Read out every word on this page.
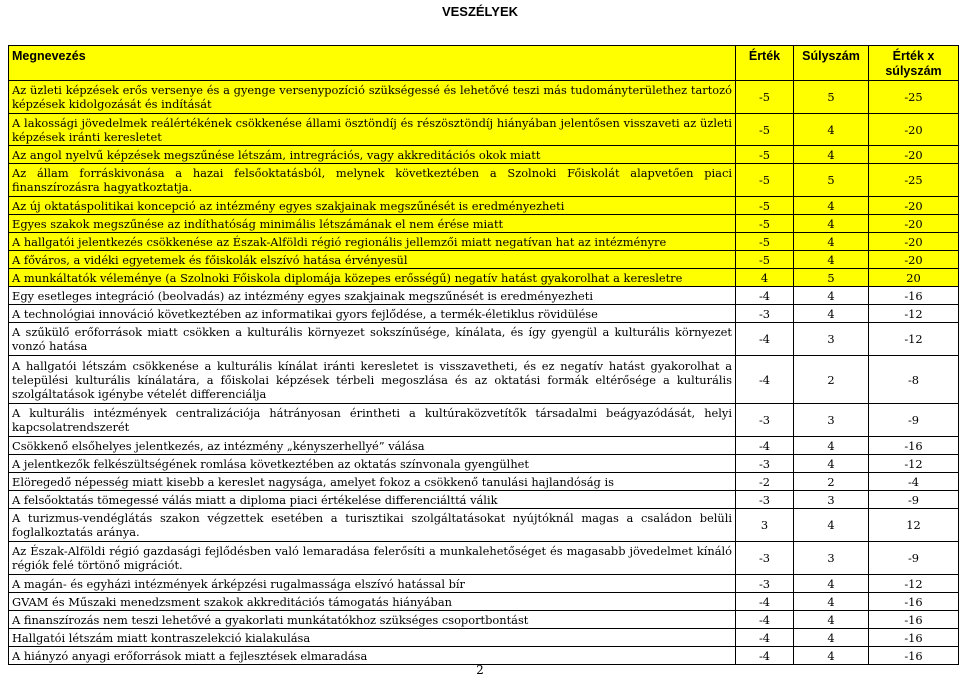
VESZÉLYEK
Megnevezés	Érték	Súlyszám	Érték x súlyszám
Az üzleti képzések erős versenye és a gyenge versenypozíció szükségessé és lehetővé teszi más tudományterülethez tartozó képzések kidolgozását és indítását	-5	5	-25
A lakossági jövedelmek reálértékének csökkenése állami ösztöndíj és részösztöndíj hiányában jelentősen visszaveti az üzleti képzések iránti keresletet	-5	4	-20
Az angol nyelvű képzések megszűnése létszám, intregrációs, vagy akkreditációs okok miatt	-5	4	-20
Az állam forráskivonása a hazai felsőoktatásból, melynek következtében a Szolnoki Főiskolát alapvetően piaci finanszírozásra hagyatkoztatja.	-5	5	-25
Az új oktatáspolitikai koncepció az intézmény egyes szakjainak megszűnését is eredményezheti	-5	4	-20
Egyes szakok megszűnése az indíthatóság minimális létszámának el nem érése miatt	-5	4	-20
A hallgatói jelentkezés csökkenése az Észak-Alföldi régió regionális jellemzői miatt negatívan hat az intézményre	-5	4	-20
A főváros, a vidéki egyetemek és főiskolák elszívó hatása érvényesül	-5	4	-20
A munkáltatók véleménye (a Szolnoki Főiskola diplomája közepes erősségű) negatív hatást gyakorolhat a keresletre	4	5	20
Egy esetleges integráció (beolvadás) az intézmény egyes szakjainak megszűnését is eredményezheti	-4	4	-16
A technológiai innováció következtében az informatikai gyors fejlődése, a termék-életiklus rövidülése	-3	4	-12
A szűkülő erőforrások miatt csökken a kulturális környezet sokszínűsége, kínálata, és így gyengül a kulturális környezet vonzó hatása	-4	3	-12
A hallgatói létszám csökkenése a kulturális kínálat iránti keresletet is visszavetheti, és ez negatív hatást gyakorolhat a települési kulturális kínálatára, a főiskolai képzések térbeli megoszlása és az oktatási formák eltérősége a kulturális szolgáltatások igénybe vételét differenciálja	-4	2	-8
A kulturális intézmények centralizációja hátrányosan érintheti a kultúraközvetítők társadalmi beágyazódását, helyi kapcsolatrendszerét	-3	3	-9
Csökkenő elsőhelyes jelentkezés, az intézmény „kényszerhellyé” válása	-4	4	-16
A jelentkezők felkészültségének romlása következtében az oktatás színvonala gyengülhet	-3	4	-12
Elöregedő népesség miatt kisebb a kereslet nagysága, amelyet fokoz a csökkenő tanulási hajlandóság is	-2	2	-4
A felsőoktatás tömegessé válás miatt a diploma piaci értékelése differenciálttá válik	-3	3	-9
A turizmus-vendéglátás szakon végzettek esetében a turisztikai szolgáltatásokat nyújtóknál magas a családon belüli foglalkoztatás aránya.	3	4	12
Az Észak-Alföldi régió gazdasági fejlődésben való lemaradása felerősíti a munkalehetőséget és magasabb jövedelmet kínáló régiók felé törtönő migrációt.	-3	3	-9
A magán- és egyházi intézmények árképzési rugalmassága elszívó hatással bír	-3	4	-12
GVAM és Műszaki menedzsment szakok akkreditációs támogatás hiányában	-4	4	-16
A finanszírozás nem teszi lehetővé a gyakorlati munkátatókhoz szükséges csoportbontást	-4	4	-16
Hallgatói létszám miatt kontraszelekció kialakulása	-4	4	-16
A hiányzó anyagi erőforrások miatt a fejlesztések elmaradása	-4	4	-16
2
